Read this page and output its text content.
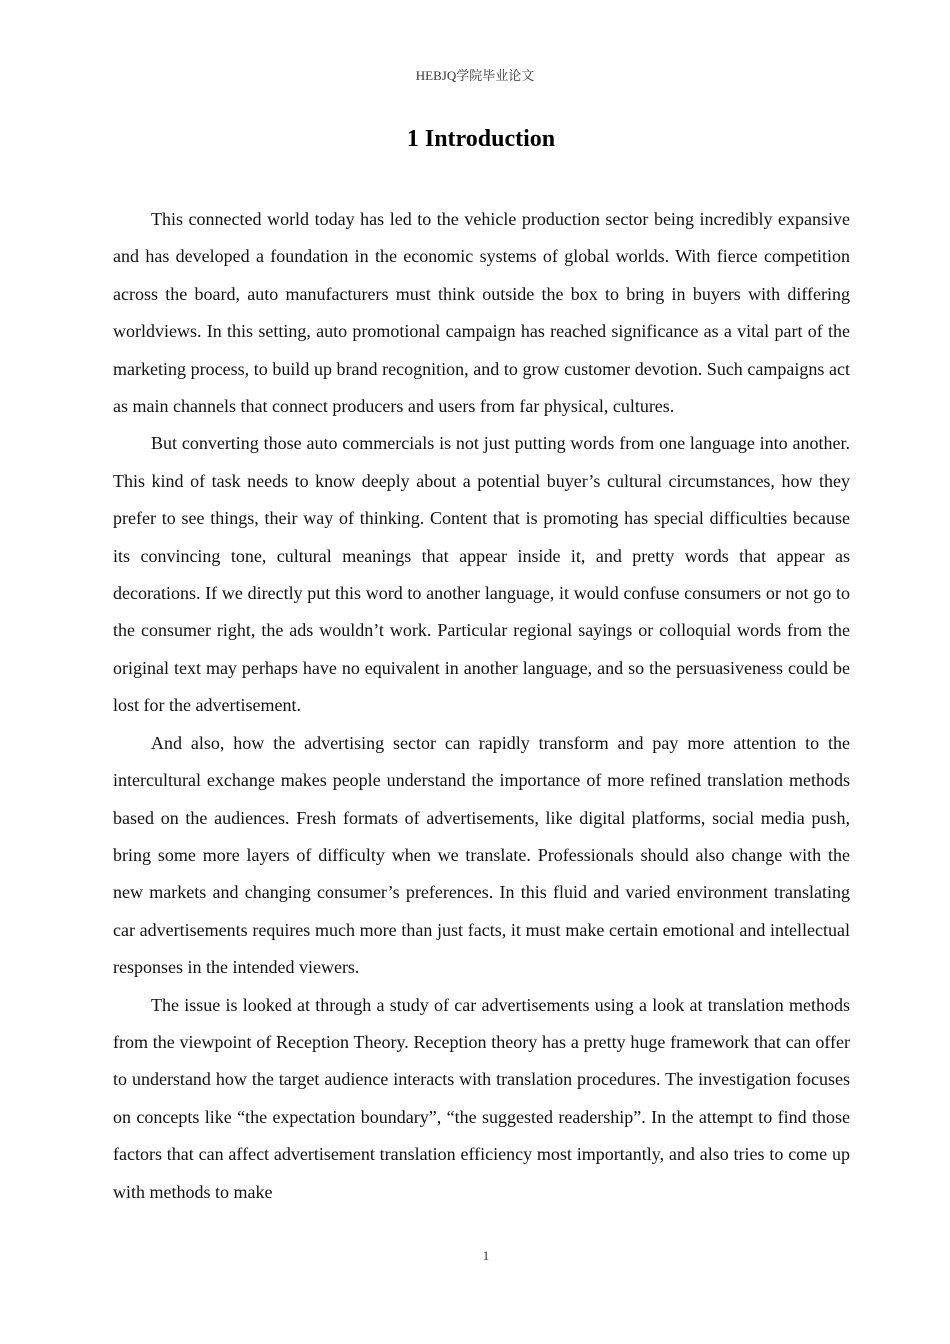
HEBJQ学院毕业论文
1 Introduction

This connected world today has led to the vehicle production sector being incredibly expansive and has developed a foundation in the economic systems of global worlds. With fierce competition across the board, auto manufacturers must think outside the box to bring in buyers with differing worldviews. In this setting, auto promotional campaign has reached significance as a vital part of the marketing process, to build up brand recognition, and to grow customer devotion. Such campaigns act as main channels that connect producers and users from far physical, cultures.

But converting those auto commercials is not just putting words from one language into another. This kind of task needs to know deeply about a potential buyer’s cultural circumstances, how they prefer to see things, their way of thinking. Content that is promoting has special difficulties because its convincing tone, cultural meanings that appear inside it, and pretty words that appear as decorations. If we directly put this word to another language, it would confuse consumers or not go to the consumer right, the ads wouldn’t work. Particular regional sayings or colloquial words from the original text may perhaps have no equivalent in another language, and so the persuasiveness could be lost for the advertisement.

And also, how the advertising sector can rapidly transform and pay more attention to the intercultural exchange makes people understand the importance of more refined translation methods based on the audiences. Fresh formats of advertisements, like digital platforms, social media push, bring some more layers of difficulty when we translate. Professionals should also change with the new markets and changing consumer’s preferences. In this fluid and varied environment translating car advertisements requires much more than just facts, it must make certain emotional and intellectual responses in the intended viewers.

The issue is looked at through a study of car advertisements using a look at translation methods from the viewpoint of Reception Theory. Reception theory has a pretty huge framework that can offer to understand how the target audience interacts with translation procedures. The investigation focuses on concepts like “the expectation boundary”, “the suggested readership”. In the attempt to find those factors that can affect advertisement translation efficiency most importantly, and also tries to come up with methods to make

1
